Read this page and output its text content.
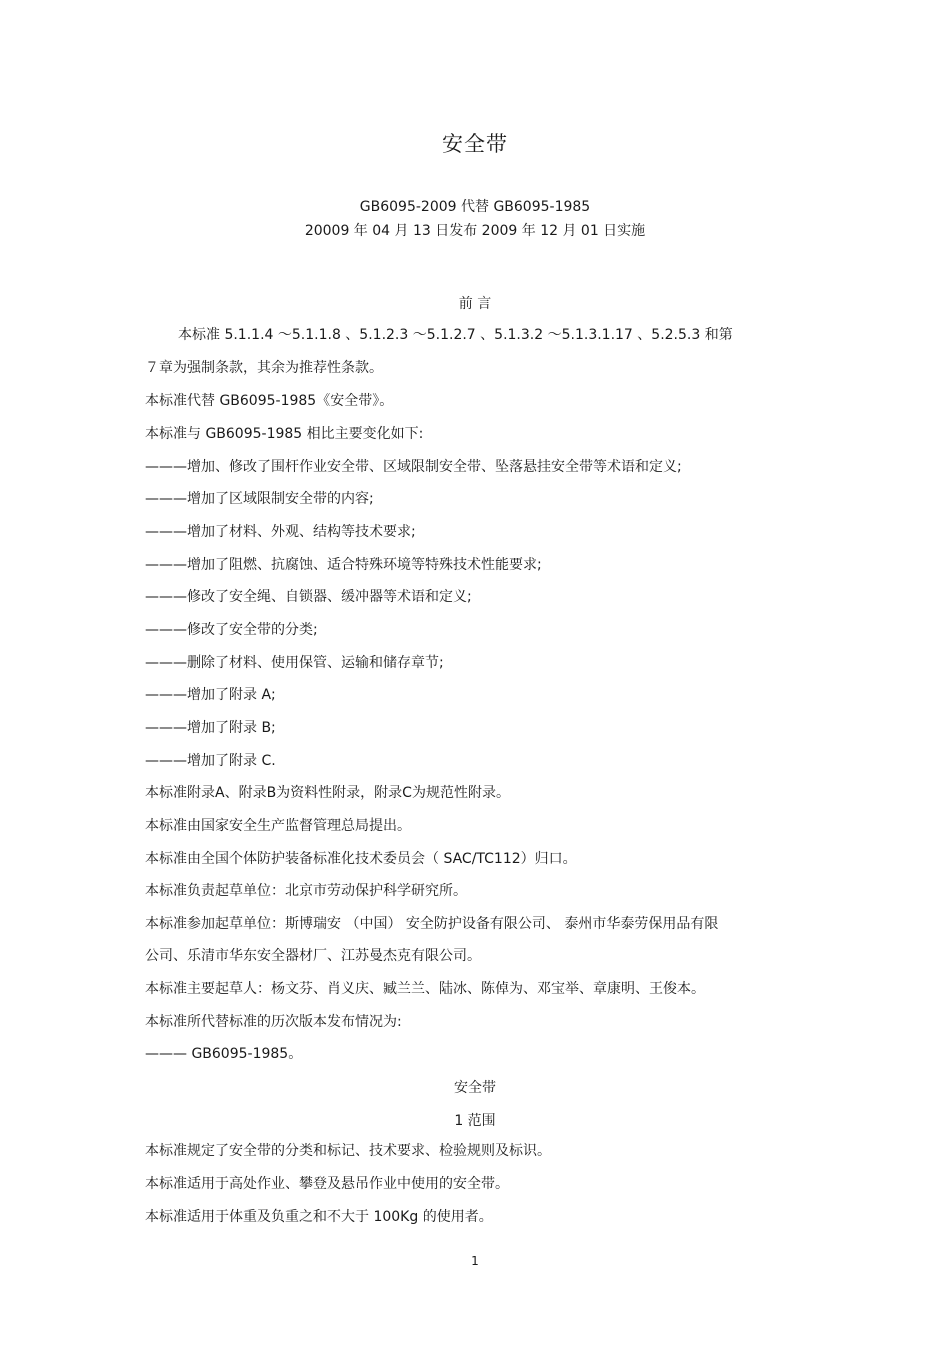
安全带
GB6095-2009 代替 GB6095-1985
20009 年 04 月 13 日发布 2009 年 12 月 01 日实施
前 言
本标准 5.1.1.4 ～5.1.1.8 、5.1.2.3 ～5.1.2.7 、5.1.3.2 ～5.1.3.1.17 、5.2.5.3 和第
７章为强制条款，其余为推荐性条款。
本标准代替 GB6095-1985《安全带》。
本标准与 GB6095-1985 相比主要变化如下:
———增加、修改了围杆作业安全带、区域限制安全带、坠落悬挂安全带等术语和定义;
———增加了区域限制安全带的内容;
———增加了材料、外观、结构等技术要求;
———增加了阻燃、抗腐蚀、适合特殊环境等特殊技术性能要求;
———修改了安全绳、自锁器、缓冲器等术语和定义;
———修改了安全带的分类;
———删除了材料、使用保管、运输和储存章节;
———增加了附录 A;
———增加了附录 B;
———增加了附录 C.
本标准附录A、附录B为资料性附录，附录C为规范性附录。
本标准由国家安全生产监督管理总局提出。
本标准由全国个体防护装备标准化技术委员会（ SAC/TC112）归口。
本标准负责起草单位：北京市劳动保护科学研究所。
本标准参加起草单位：斯博瑞安 （中国） 安全防护设备有限公司、 泰州市华泰劳保用品有限
公司、乐清市华东安全器材厂、江苏曼杰克有限公司。
本标准主要起草人：杨文芬、肖义庆、臧兰兰、陆冰、陈倬为、邓宝举、章康明、王俊本。
本标准所代替标准的历次版本发布情况为:
——— GB6095-1985。
安全带
1 范围
本标准规定了安全带的分类和标记、技术要求、检验规则及标识。
本标准适用于高处作业、攀登及悬吊作业中使用的安全带。
本标准适用于体重及负重之和不大于 100Kg 的使用者。
1
